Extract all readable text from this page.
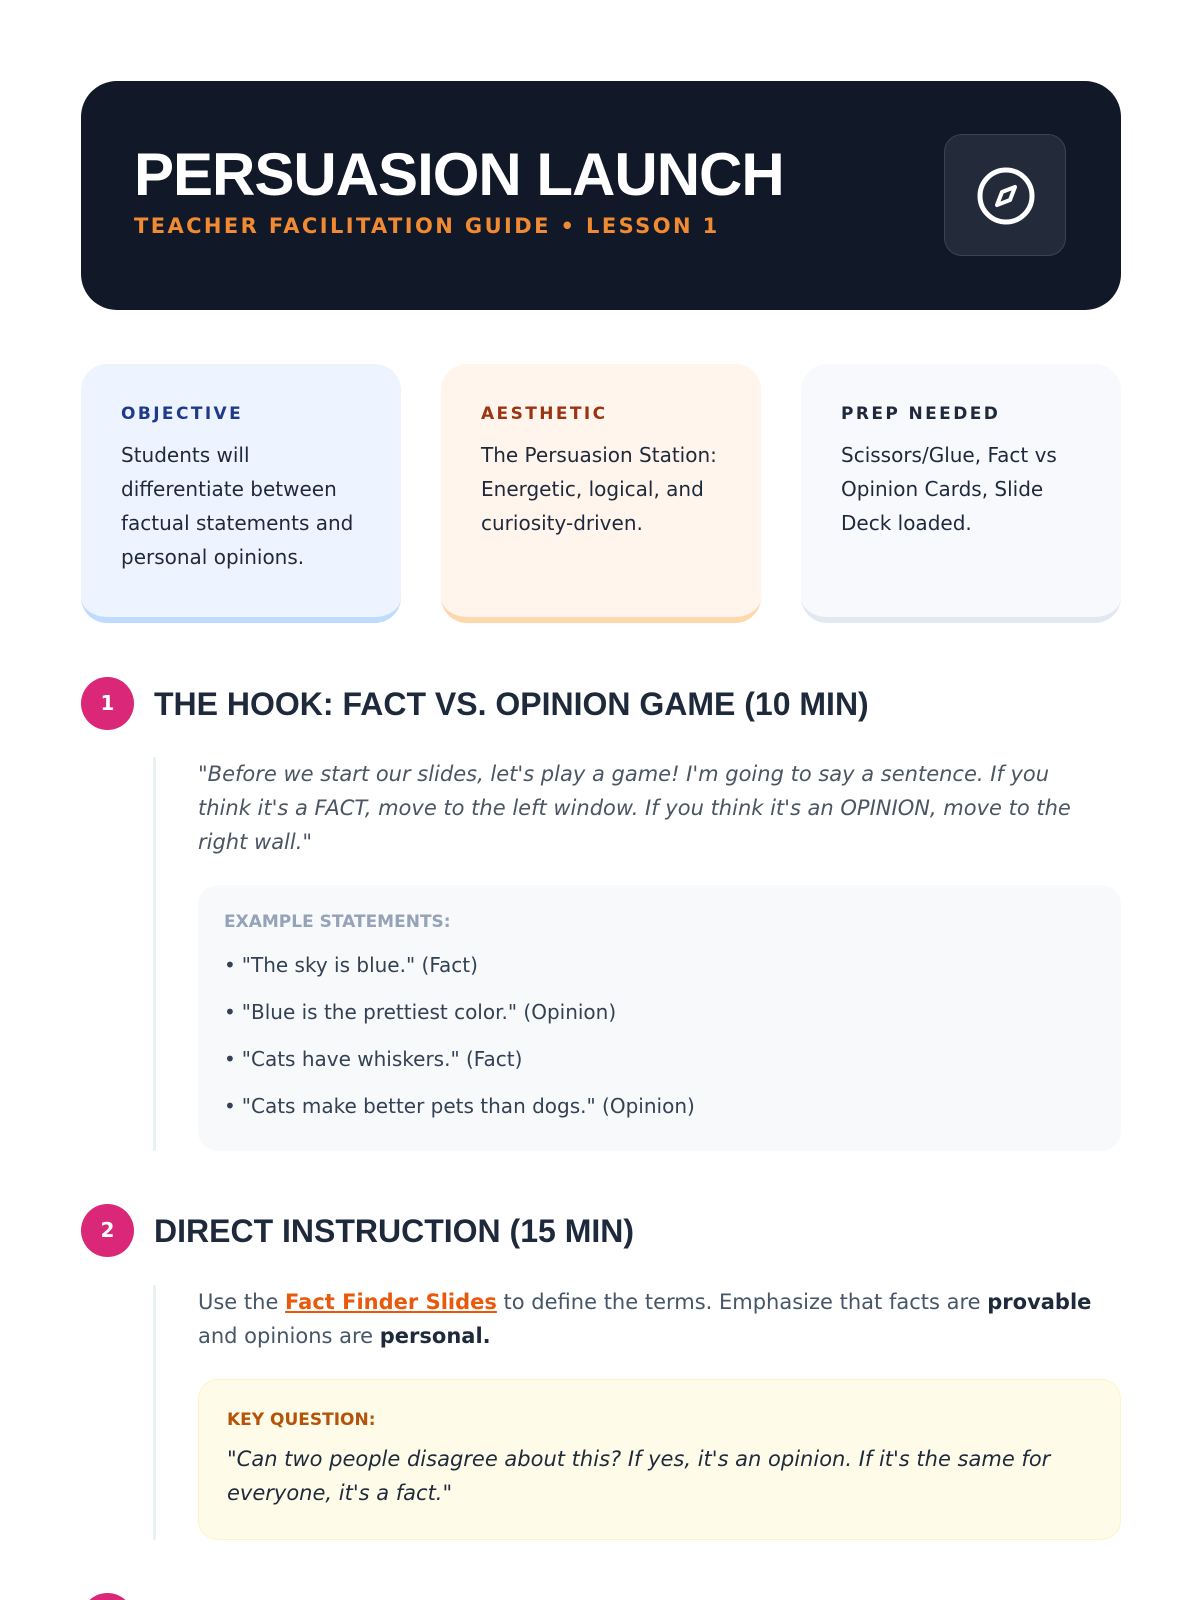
PERSUASION LAUNCH
TEACHER FACILITATION GUIDE • LESSON 1
OBJECTIVE
Students will differentiate between factual statements and personal opinions.
AESTHETIC
The Persuasion Station: Energetic, logical, and curiosity-driven.
PREP NEEDED
Scissors/Glue, Fact vs Opinion Cards, Slide Deck loaded.
1	THE HOOK: FACT VS. OPINION GAME (10 MIN)
"Before we start our slides, let's play a game! I'm going to say a sentence. If you think it's a FACT, move to the left window. If you think it's an OPINION, move to the right wall."
EXAMPLE STATEMENTS:
• "The sky is blue." (Fact)
• "Blue is the prettiest color." (Opinion)
• "Cats have whiskers." (Fact)
• "Cats make better pets than dogs." (Opinion)
2	DIRECT INSTRUCTION (15 MIN)
Use the Fact Finder Slides to define the terms. Emphasize that facts are provable and opinions are personal.
KEY QUESTION:
"Can two people disagree about this? If yes, it's an opinion. If it's the same for everyone, it's a fact."
